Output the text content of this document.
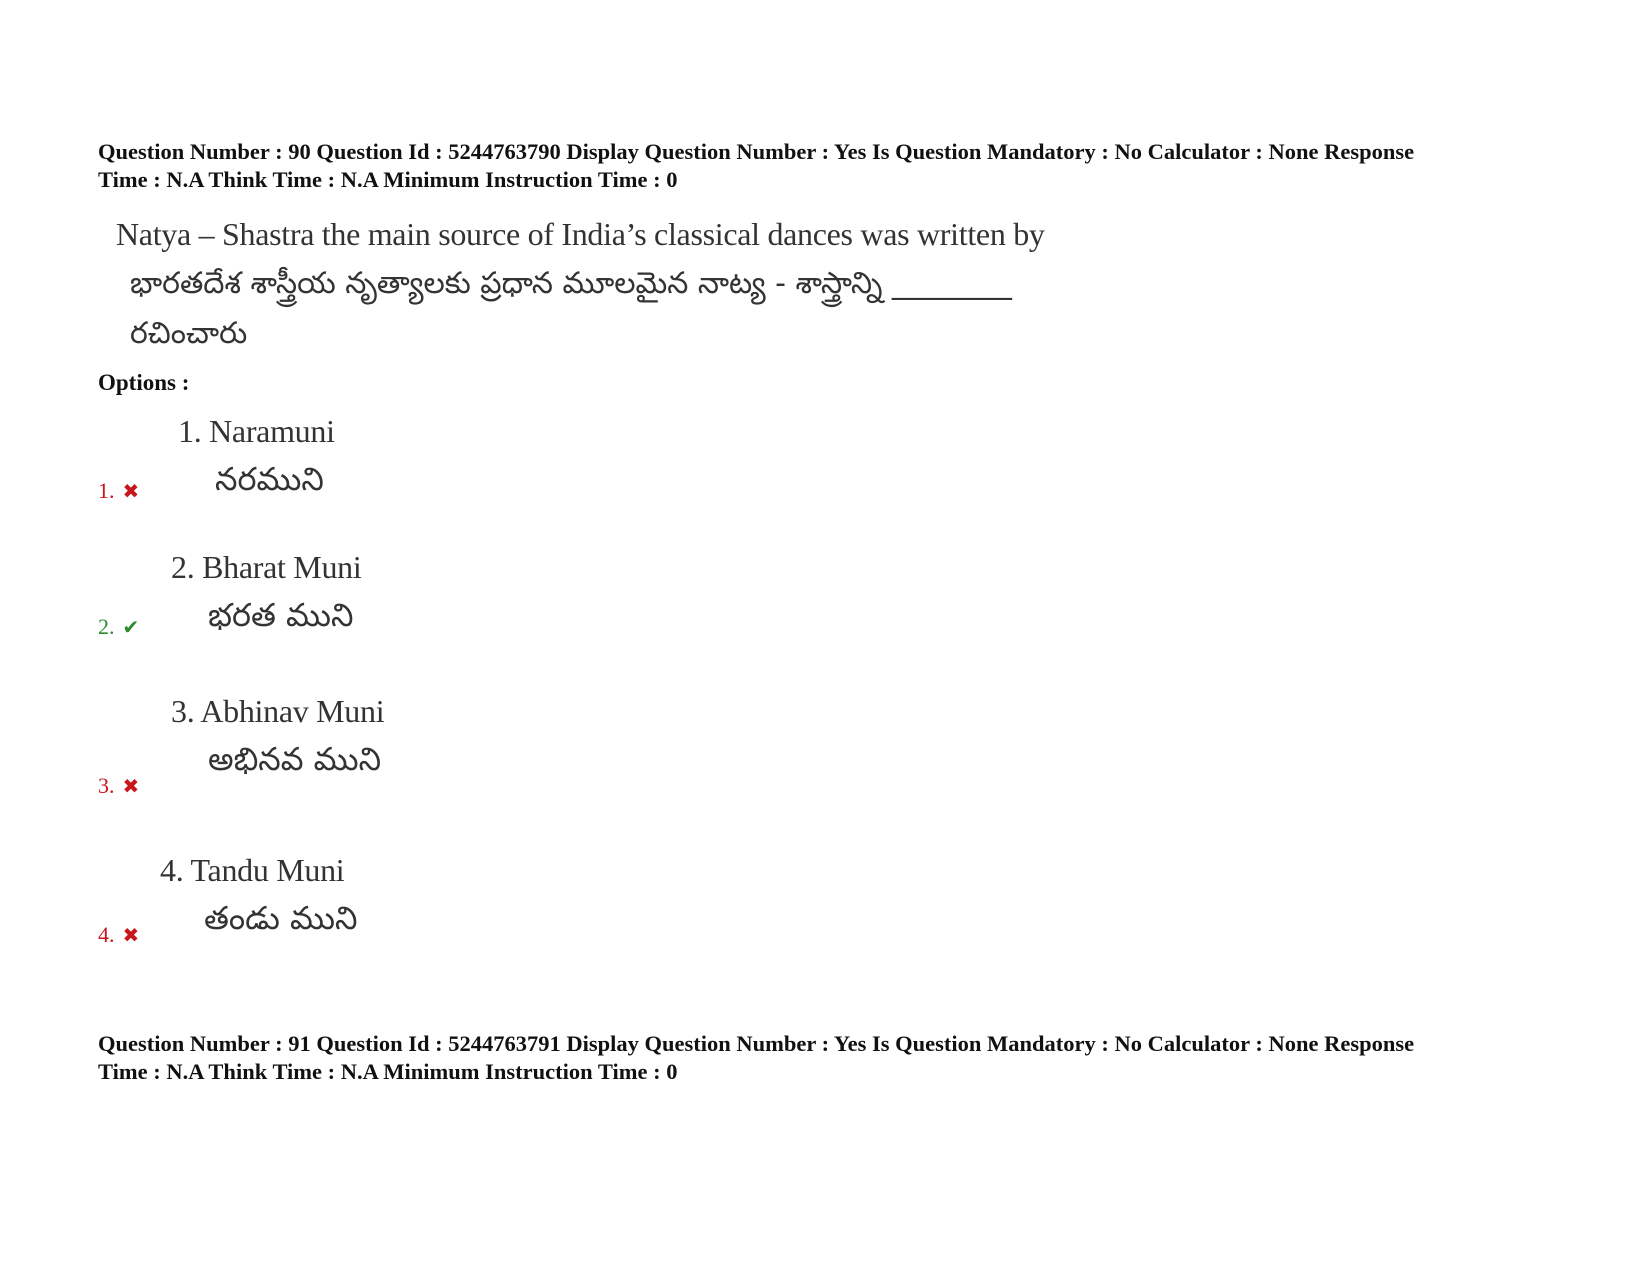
Question Number : 90 Question Id : 5244763790 Display Question Number : Yes Is Question Mandatory : No Calculator : None Response
Time : N.A Think Time : N.A Minimum Instruction Time : 0
Natya – Shastra the main source of India’s classical dances was written by
భారతదేశ శాస్త్రీయ నృత్యాలకు ప్రధాన మూలమైన నాట్య - శాస్త్రాన్ని ________
రచించారు
Options :
1. Naramuni
నరముని
1. ✖
2. Bharat Muni
భరత ముని
2. ✔
3. Abhinav Muni
అభినవ ముని
3. ✖
4. Tandu Muni
తండు ముని
4. ✖
Question Number : 91 Question Id : 5244763791 Display Question Number : Yes Is Question Mandatory : No Calculator : None Response
Time : N.A Think Time : N.A Minimum Instruction Time : 0
